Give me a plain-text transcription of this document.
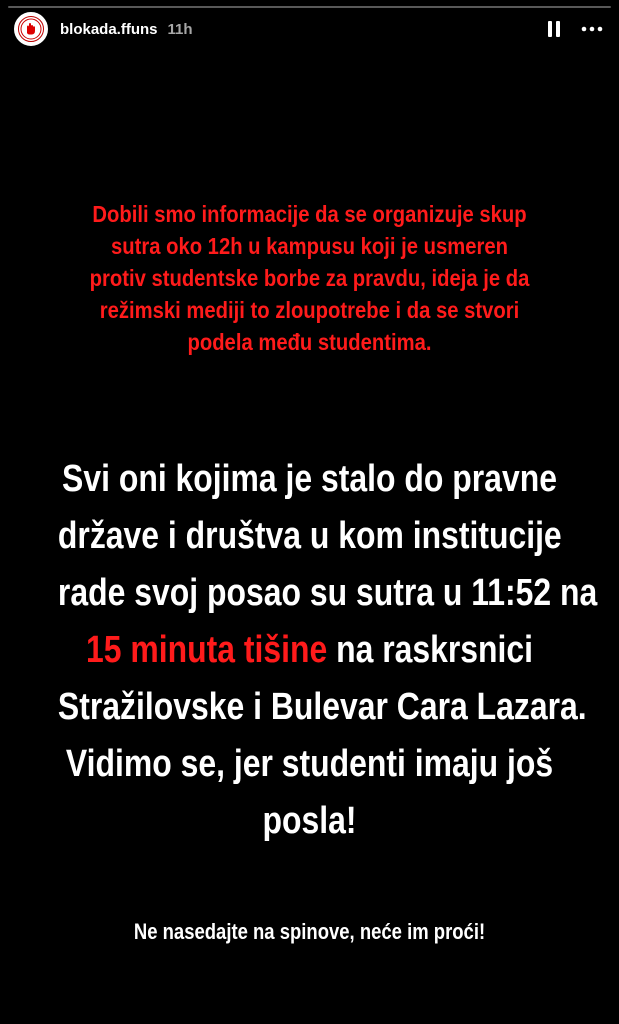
blokada.ffuns 11h
Dobili smo informacije da se organizuje skup
sutra oko 12h u kampusu koji je usmeren
protiv studentske borbe za pravdu, ideja je da
režimski mediji to zloupotrebe i da se stvori
podela među studentima.
Svi oni kojima je stalo do pravne
države i društva u kom institucije
rade svoj posao su sutra u 11:52 na
15 minuta tišine na raskrsnici
Stražilovske i Bulevar Cara Lazara.
Vidimo se, jer studenti imaju još
posla!
Ne nasedajte na spinove, neće im proći!
